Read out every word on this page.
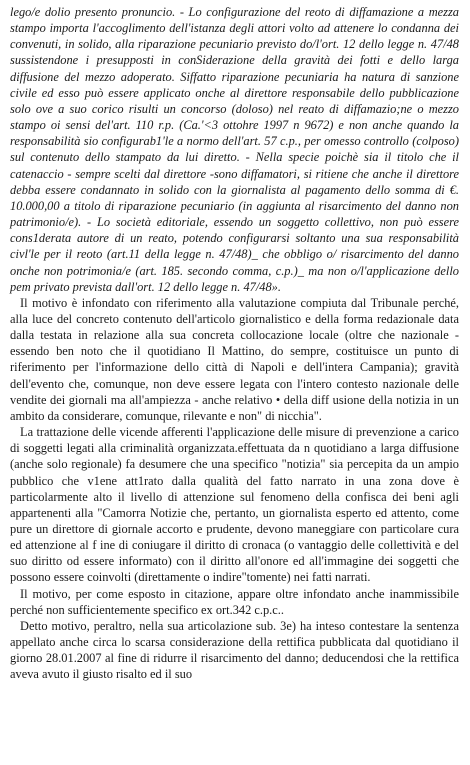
lego/e dolio presento pronuncio. - Lo configurazione del reoto di diffamazione a mezza stampo importa l'accoglimento dell'istanza degli attori volto ad attenere lo condanna dei convenuti, in solido, alla riparazione pecuniario previsto do/l'ort. 12 dello legge n. 47/48 sussistendone i presupposti in conSiderazione della gravità dei fotti e dello larga diffusione del mezzo adoperato. Siffatto riparazione pecuniaria ha natura di sanzione civile ed esso può essere applicato onche al direttore responsabile dello pubblicazione solo ove a suo corico risulti un concorso (doloso) nel reato di diffamazio;ne o mezzo stampo oi sensi del'art. 110 r.p. (Ca.'<3 ottohre 1997 n 9672) e non anche quando la responsabilità sio configurab1'le a normo dell'art. 57 c.p., per omesso controllo (colposo) sul contenuto dello stampato da lui diretto. - Nella specie poichè sia il titolo che il catenaccio - sempre scelti dal direttore -sono diffamatori, si ritiene che anche il direttore debba essere condannato in solido con la giornalista al pagamento dello somma di €. 10.000,00 a titolo di riparazione pecuniario (in aggiunta al risarcimento del danno non patrimonio/e). - Lo società editoriale, essendo un soggetto collettivo, non può essere cons1derata autore di un reato, potendo configurarsi soltanto una sua responsabilità civl'le per il reoto (art.11 della legge n. 47/48)_ che obbligo o/ risarcimento del danno onche non potrimonia/e (art. 185. secondo comma, c.p.)_ ma non o/l'applicazione dello pem privato prevista dall'ort. 12 dello legge n. 47/48».

Il motivo è infondato con riferimento alla valutazione compiuta dal Tribunale perché, alla luce del concreto contenuto dell'articolo giornalistico e della forma redazionale data dalla testata in relazione alla sua concreta collocazione locale (oltre che nazionale - essendo ben noto che il quotidiano Il Mattino, do sempre, costituisce un punto di riferimento per l'informazione dello città di Napoli e dell'intera Campania); gravità dell'evento che, comunque, non deve essere legata con l'intero contesto nazionale delle vendite dei giornali ma all'ampiezza - anche relativo • della diff usione della notizia in un ambito da considerare, comunque, rilevante e non" di nicchia".

La trattazione delle vicende afferenti l'applicazione delle misure di prevenzione a carico di soggetti legati alla criminalità organizzata.effettuata da n quotidiano a larga diffusione (anche solo regionale) fa desumere che una specifico "notizia" sia percepita da un ampio pubblico che v1ene att1rato dalla qualità del fatto narrato in una zona dove è particolarmente alto il livello di attenzione sul fenomeno della confisca dei beni agli appartenenti alla "Camorra Notizie che, pertanto, un giornalista esperto ed attento, come pure un direttore di giornale accorto e prudente, devono maneggiare con particolare cura ed attenzione al f ine di coniugare il diritto di cronaca (o vantaggio delle collettività e del suo diritto od essere informato) con il diritto all'onore ed all'immagine dei soggetti che possono essere coinvolti (direttamente o indire"tomente) nei fatti narrati.

Il motivo, per come esposto in citazione, appare oltre infondato anche inammissibile perché non sufficientemente specifico ex ort.342 c.p.c..

Detto motivo, peraltro, nella sua articolazione sub. 3e) ha inteso contestare la sentenza appellato anche circa lo scarsa considerazione della rettifica pubblicata dal quotidiano il giorno 28.01.2007 al fine di ridurre il risarcimento del danno; deducendosi che la rettifica aveva avuto il giusto risalto ed il suo
